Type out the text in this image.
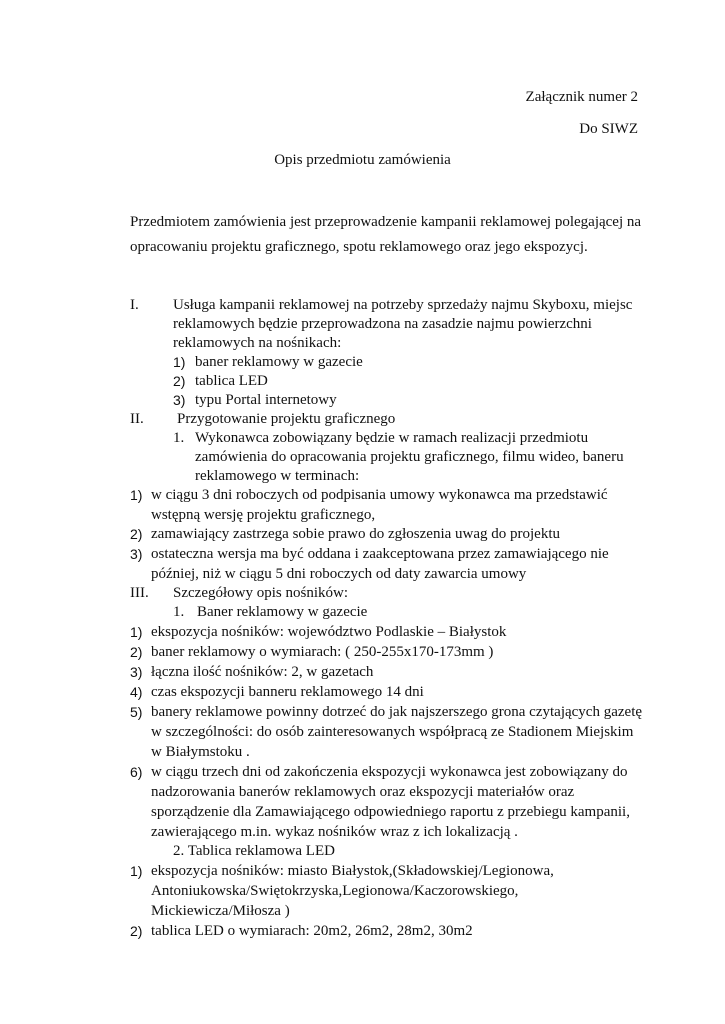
Załącznik numer 2
Do SIWZ
Opis przedmiotu zamówienia
Przedmiotem zamówienia jest przeprowadzenie kampanii reklamowej polegającej na
opracowaniu projektu graficznego, spotu reklamowego oraz jego ekspozycj.
I. Usługa kampanii reklamowej na potrzeby sprzedaży najmu Skyboxu, miejsc
reklamowych będzie przeprowadzona na zasadzie najmu powierzchni
reklamowych na nośnikach:
1) baner reklamowy w gazecie
2) tablica LED
3) typu Portal internetowy
II. Przygotowanie projektu graficznego
1. Wykonawca zobowiązany będzie w ramach realizacji przedmiotu
zamówienia do opracowania projektu graficznego, filmu wideo, baneru
reklamowego w terminach:
1) w ciągu 3 dni roboczych od podpisania umowy wykonawca ma przedstawić
wstępną wersję projektu graficznego,
2) zamawiający zastrzega sobie prawo do zgłoszenia uwag do projektu
3) ostateczna wersja ma być oddana i zaakceptowana przez zamawiającego nie
później, niż w ciągu 5 dni roboczych od daty zawarcia umowy
III. Szczegółowy opis nośników:
1. Baner reklamowy w gazecie
1) ekspozycja nośników: województwo Podlaskie – Białystok
2) baner reklamowy o wymiarach: ( 250-255x170-173mm )
3) łączna ilość nośników: 2, w gazetach
4) czas ekspozycji banneru reklamowego 14 dni
5) banery reklamowe powinny dotrzeć do jak najszerszego grona czytających gazetę
w szczególności: do osób zainteresowanych współpracą ze Stadionem Miejskim
w Białymstoku .
6) w ciągu trzech dni od zakończenia ekspozycji wykonawca jest zobowiązany do
nadzorowania banerów reklamowych oraz ekspozycji materiałów oraz
sporządzenie dla Zamawiającego odpowiedniego raportu z przebiegu kampanii,
zawierającego m.in. wykaz nośników wraz z ich lokalizacją .
2. Tablica reklamowa LED
1) ekspozycja nośników: miasto Białystok,(Składowskiej/Legionowa,
Antoniukowska/Swiętokrzyska,Legionowa/Kaczorowskiego,
Mickiewicza/Miłosza )
2) tablica LED o wymiarach: 20m2, 26m2, 28m2, 30m2
